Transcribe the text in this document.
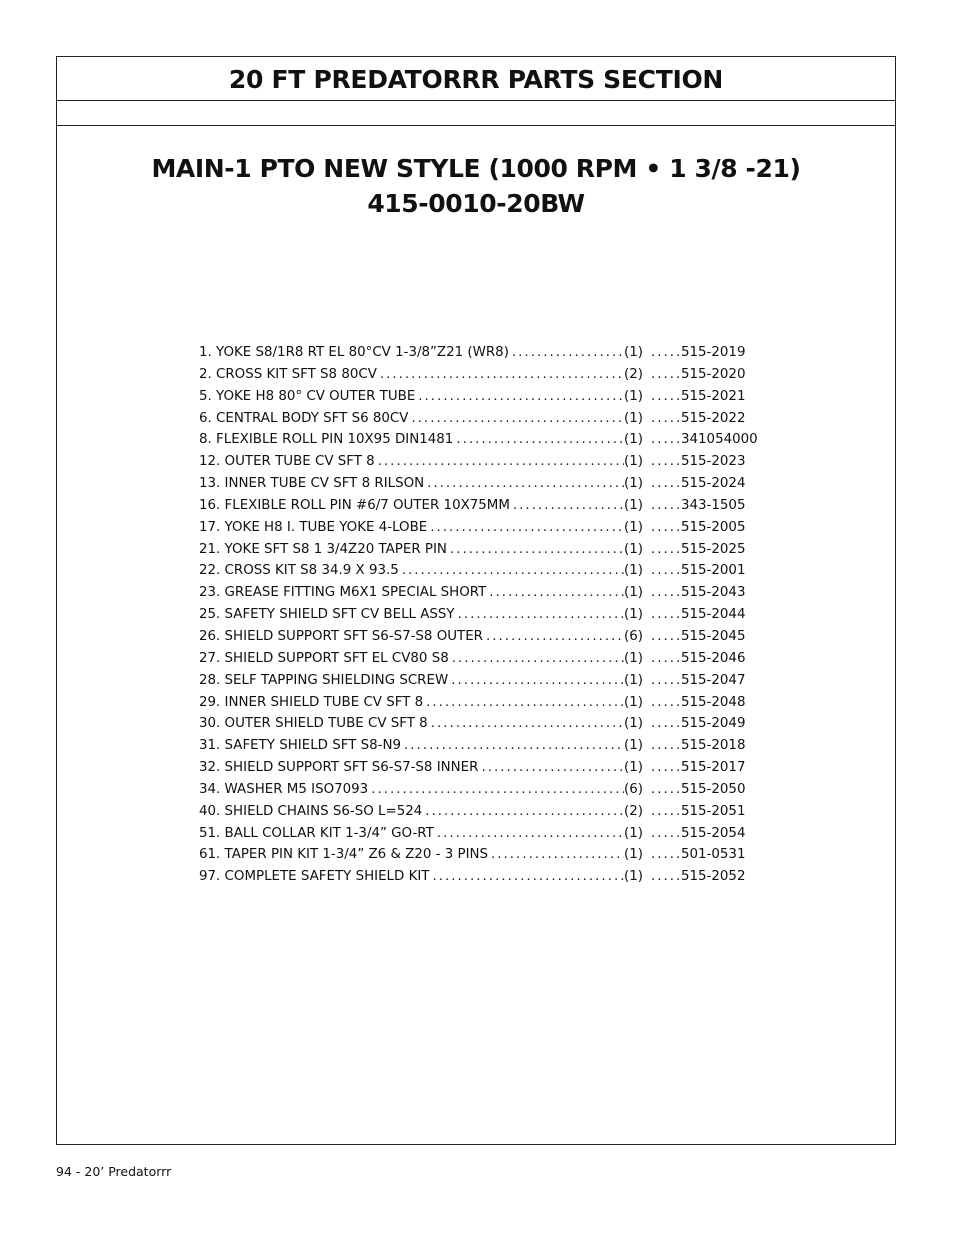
20 FT PREDATORRR PARTS SECTION
MAIN-1 PTO NEW STYLE (1000 RPM • 1 3/8 -21)
415-0010-20BW
1. YOKE S8/1R8 RT EL 80°CV 1-3/8”Z21 (WR8) .....	(1) .....	515-2019
2. CROSS KIT SFT S8 80CV .....	(2) .....	515-2020
5. YOKE H8 80° CV OUTER TUBE .....	(1) .....	515-2021
6. CENTRAL BODY SFT S6 80CV .....	(1) .....	515-2022
8. FLEXIBLE ROLL PIN 10X95 DIN1481 .....	(1) .....	341054000
12. OUTER TUBE CV SFT 8 .....	(1) .....	515-2023
13. INNER TUBE CV SFT 8 RILSON .....	(1) .....	515-2024
16. FLEXIBLE ROLL PIN #6/7 OUTER 10X75MM .....	(1) .....	343-1505
17. YOKE H8 I. TUBE YOKE 4-LOBE .....	(1) .....	515-2005
21. YOKE SFT S8 1 3/4Z20 TAPER PIN .....	(1) .....	515-2025
22. CROSS KIT S8 34.9 X 93.5 .....	(1) .....	515-2001
23. GREASE FITTING M6X1 SPECIAL SHORT .....	(1) .....	515-2043
25. SAFETY SHIELD SFT CV BELL ASSY .....	(1) .....	515-2044
26. SHIELD SUPPORT SFT S6-S7-S8 OUTER .....	(6) .....	515-2045
27. SHIELD SUPPORT SFT EL CV80 S8 .....	(1) .....	515-2046
28. SELF TAPPING SHIELDING SCREW .....	(1) .....	515-2047
29. INNER SHIELD TUBE CV SFT 8 .....	(1) .....	515-2048
30. OUTER SHIELD TUBE CV SFT 8 .....	(1) .....	515-2049
31. SAFETY SHIELD SFT S8-N9 .....	(1) .....	515-2018
32. SHIELD SUPPORT SFT S6-S7-S8 INNER .....	(1) .....	515-2017
34. WASHER M5 ISO7093 .....	(6) .....	515-2050
40. SHIELD CHAINS S6-SO L=524 .....	(2) .....	515-2051
51. BALL COLLAR KIT 1-3/4” GO-RT .....	(1) .....	515-2054
61. TAPER PIN KIT 1-3/4” Z6 & Z20 - 3 PINS .....	(1) .....	501-0531
97. COMPLETE SAFETY SHIELD KIT .....	(1) .....	515-2052
94 - 20’ Predatorrr
